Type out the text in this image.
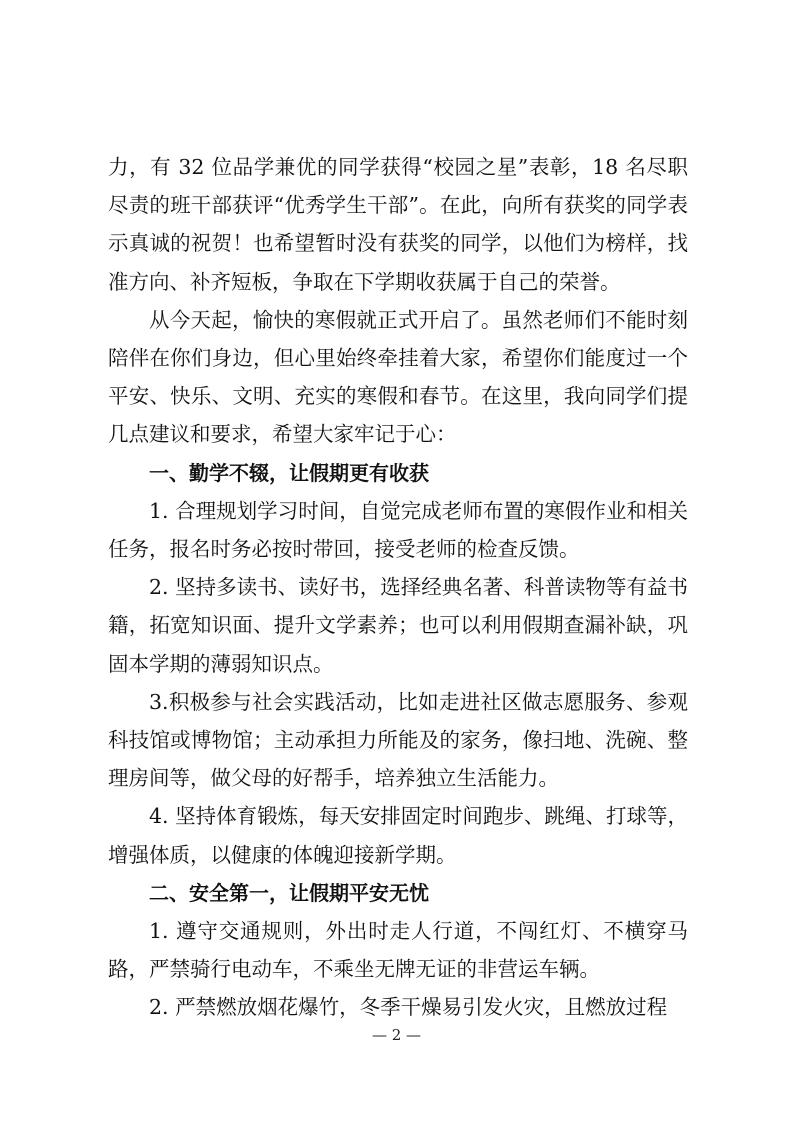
力，有 32 位品学兼优的同学获得“校园之星”表彰，18 名尽职尽责的班干部获评“优秀学生干部”。在此，向所有获奖的同学表示真诚的祝贺！也希望暂时没有获奖的同学，以他们为榜样，找准方向、补齐短板，争取在下学期收获属于自己的荣誉。

从今天起，愉快的寒假就正式开启了。虽然老师们不能时刻陪伴在你们身边，但心里始终牵挂着大家，希望你们能度过一个平安、快乐、文明、充实的寒假和春节。在这里，我向同学们提几点建议和要求，希望大家牢记于心：

一、勤学不辍，让假期更有收获

1. 合理规划学习时间，自觉完成老师布置的寒假作业和相关任务，报名时务必按时带回，接受老师的检查反馈。

2. 坚持多读书、读好书，选择经典名著、科普读物等有益书籍，拓宽知识面、提升文学素养；也可以利用假期查漏补缺，巩固本学期的薄弱知识点。

3.积极参与社会实践活动，比如走进社区做志愿服务、参观科技馆或博物馆；主动承担力所能及的家务，像扫地、洗碗、整理房间等，做父母的好帮手，培养独立生活能力。

4. 坚持体育锻炼，每天安排固定时间跑步、跳绳、打球等，增强体质，以健康的体魄迎接新学期。

二、安全第一，让假期平安无忧

1. 遵守交通规则，外出时走人行道，不闯红灯、不横穿马路，严禁骑行电动车，不乘坐无牌无证的非营运车辆。

2. 严禁燃放烟花爆竹，冬季干燥易引发火灾，且燃放过程

— 2 —
